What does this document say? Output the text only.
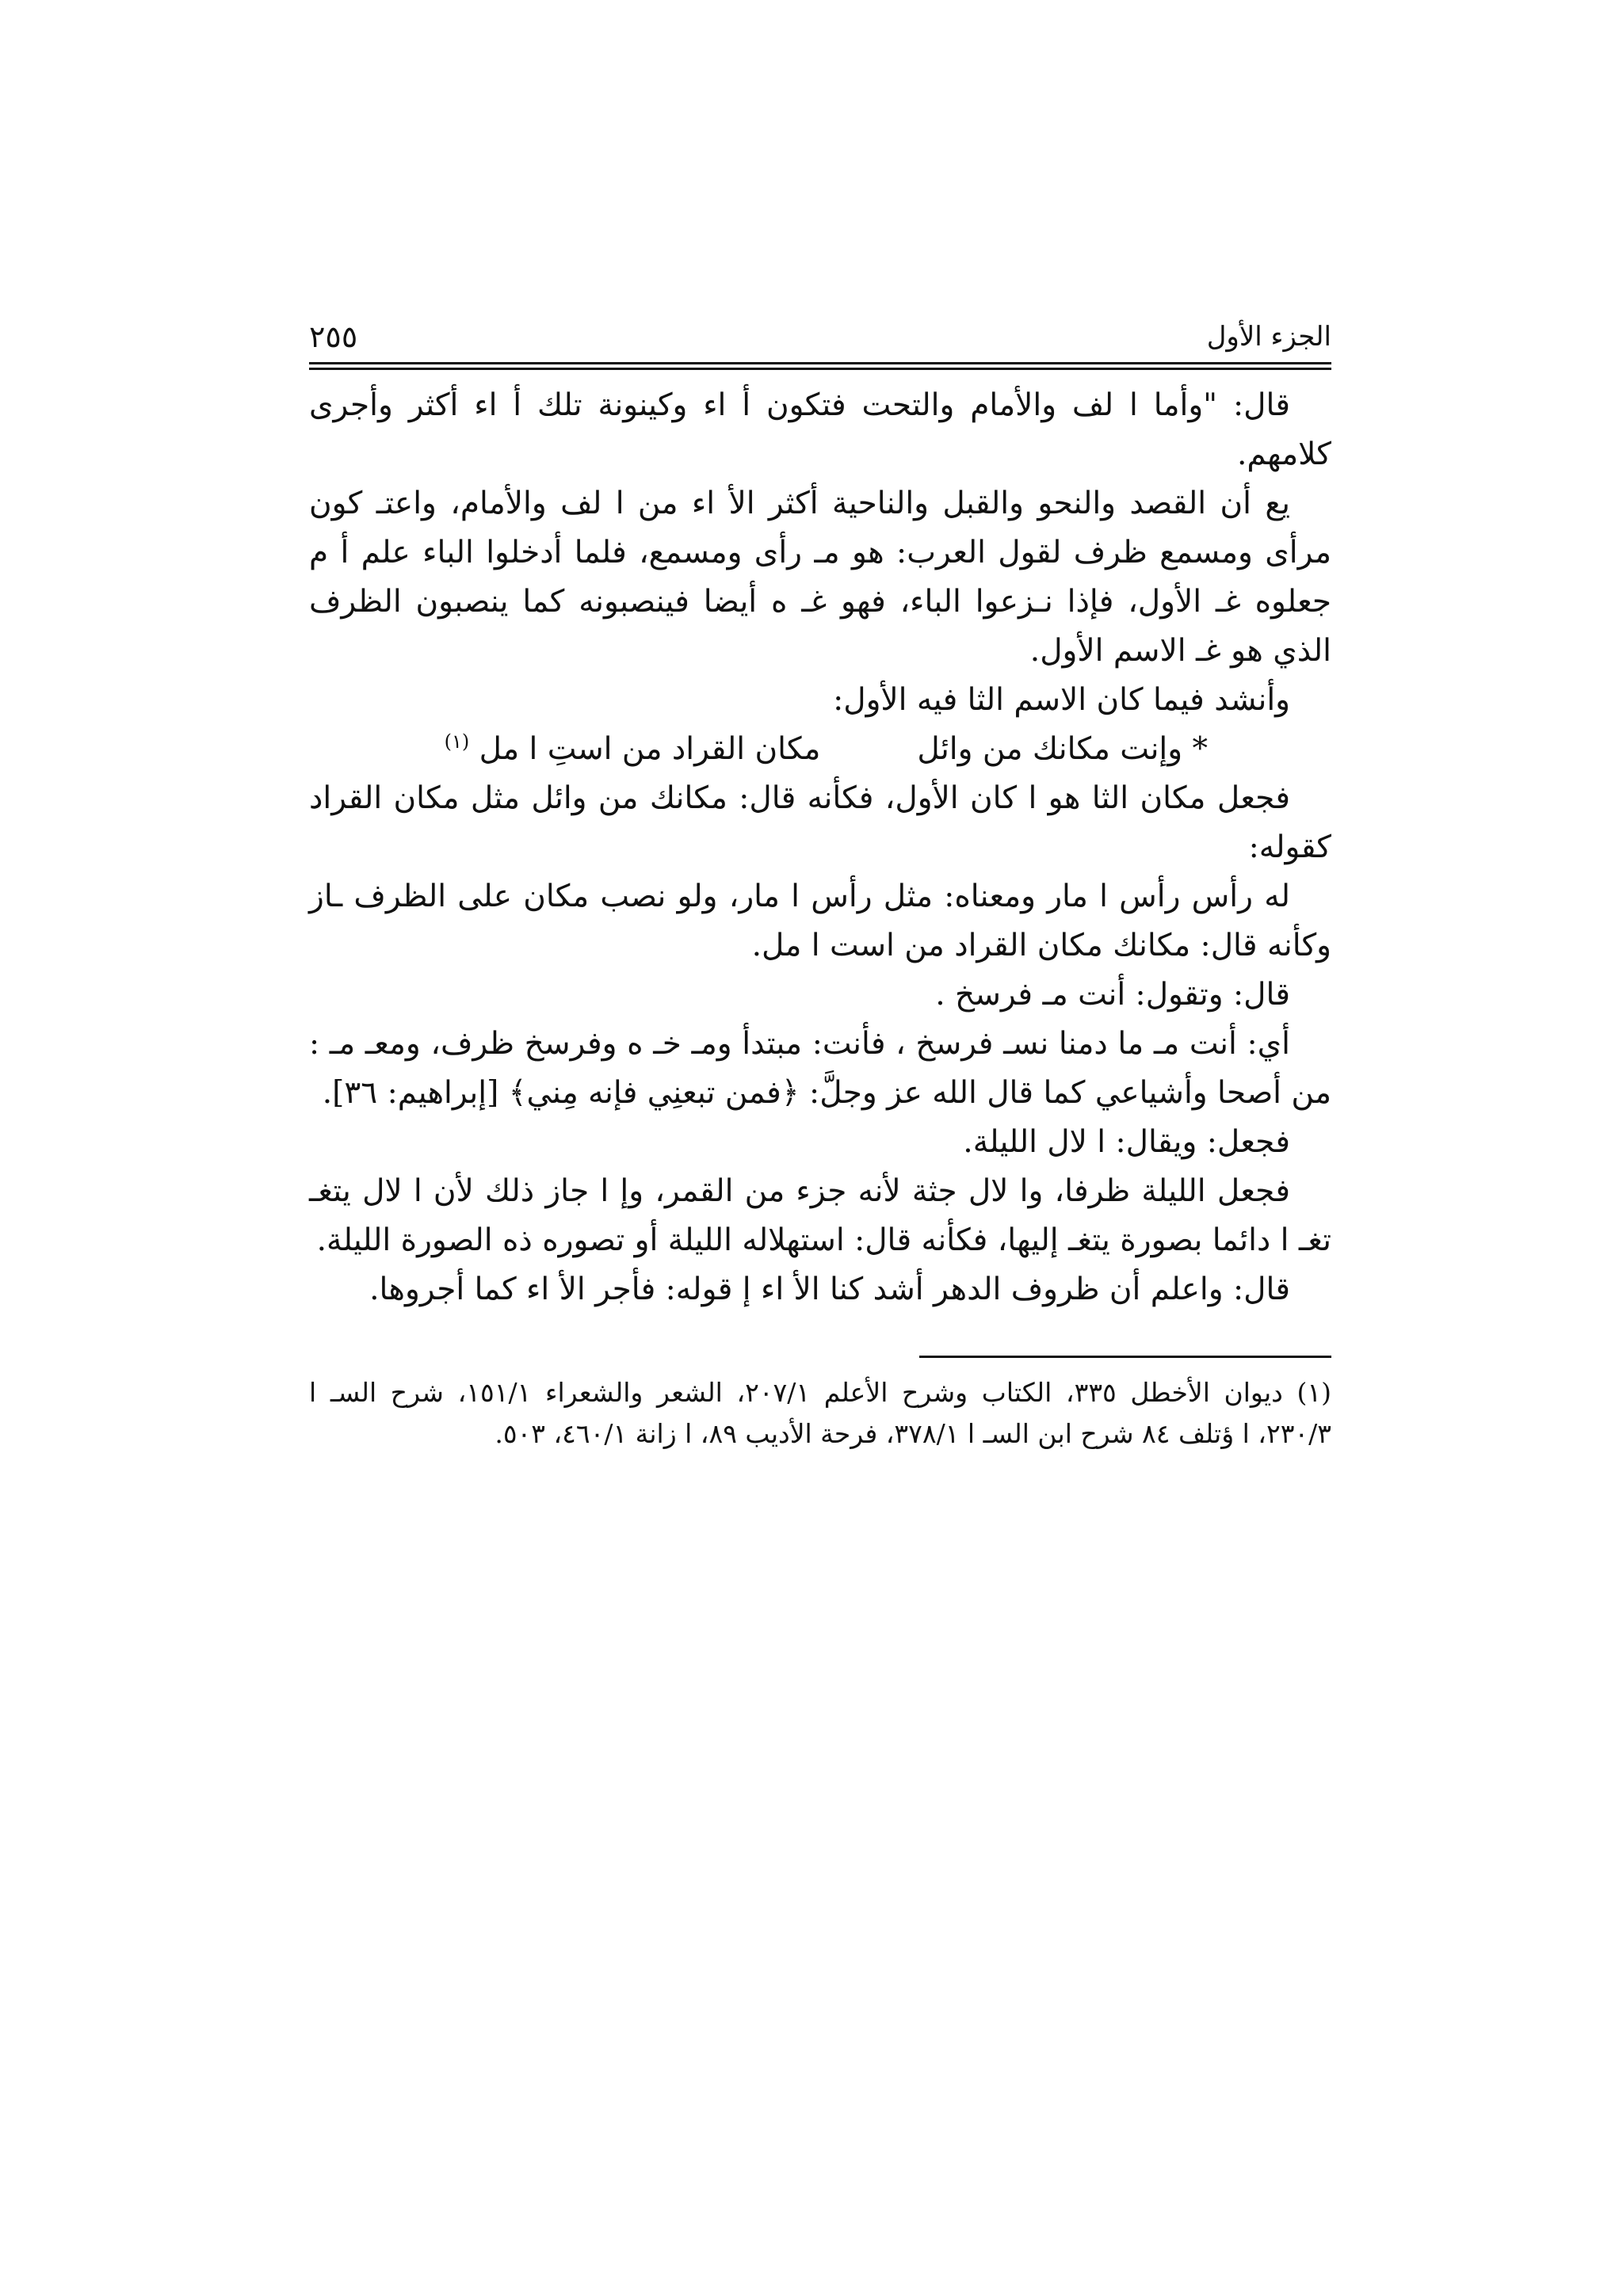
الجزء الأول
٢٥٥

قال: "وأما ا لف والأمام والتحت فتكون أ اء وكينونة تلك أ اء أكثر وأجرى كلامهم.

يع أن القصد والنحو والقبل والناحية أكثر الأ اء من ا لف والأمام، واعتـ كون مرأى ومسمع ظرف لقول العرب: هو مـ رأى ومسمع، فلما أدخلوا الباء علم أ م جعلوه غـ الأول، فإذا نـزعوا الباء، فهو غـ ه أيضا فينصبونه كما ينصبون الظرف الذي هو غـ الاسم الأول.

وأنشد فيما كان الاسم الثا فيه الأول:

* وإنت مكانك من وائلمكان القراد من استِ ا مل $^{(١)}$

فجعل مكان الثا هو ا كان الأول، فكأنه قال: مكانك من وائل مثل مكان القراد كقوله:

له رأس رأس ا مار ومعناه: مثل رأس ا مار، ولو نصب مكان على الظرف ـاز وكأنه قال: مكانك مكان القراد من است ا مل.

قال: وتقول: أنت مـ فرسخ .

أي: أنت مـ ما دمنا نسـ فرسخ ، فأنت: مبتدأ ومـ خـ ه وفرسخ ظرف، ومعـ مـ : من أصحا وأشياعي كما قال الله عز وجلَّ: ﴿فمن تبعنِي فإنه مِني﴾ [إبراهيم: ٣٦].

فجعل: ويقال: ا لال الليلة.

فجعل الليلة ظرفا، وا لال جثة لأنه جزء من القمر، وإ ا جاز ذلك لأن ا لال يتغـ تغـ ا دائما بصورة يتغـ إليها، فكأنه قال: استهلاله الليلة أو تصوره ذه الصورة الليلة.

قال: واعلم أن ظروف الدهر أشد كنا الأ اء إ قوله: فأجر الأ اء كما أجروها.

(١) ديوان الأخطل ٣٣٥، الكتاب وشرح الأعلم ٢٠٧/١، الشعر والشعراء ١٥١/١، شرح السـ ا ٢٣٠/٣، ا ؤتلف ٨٤ شرح ابن السـ ا ٣٧٨/١، فرحة الأديب ٨٩، ا زانة ٤٦٠/١، ٥٠٣.
